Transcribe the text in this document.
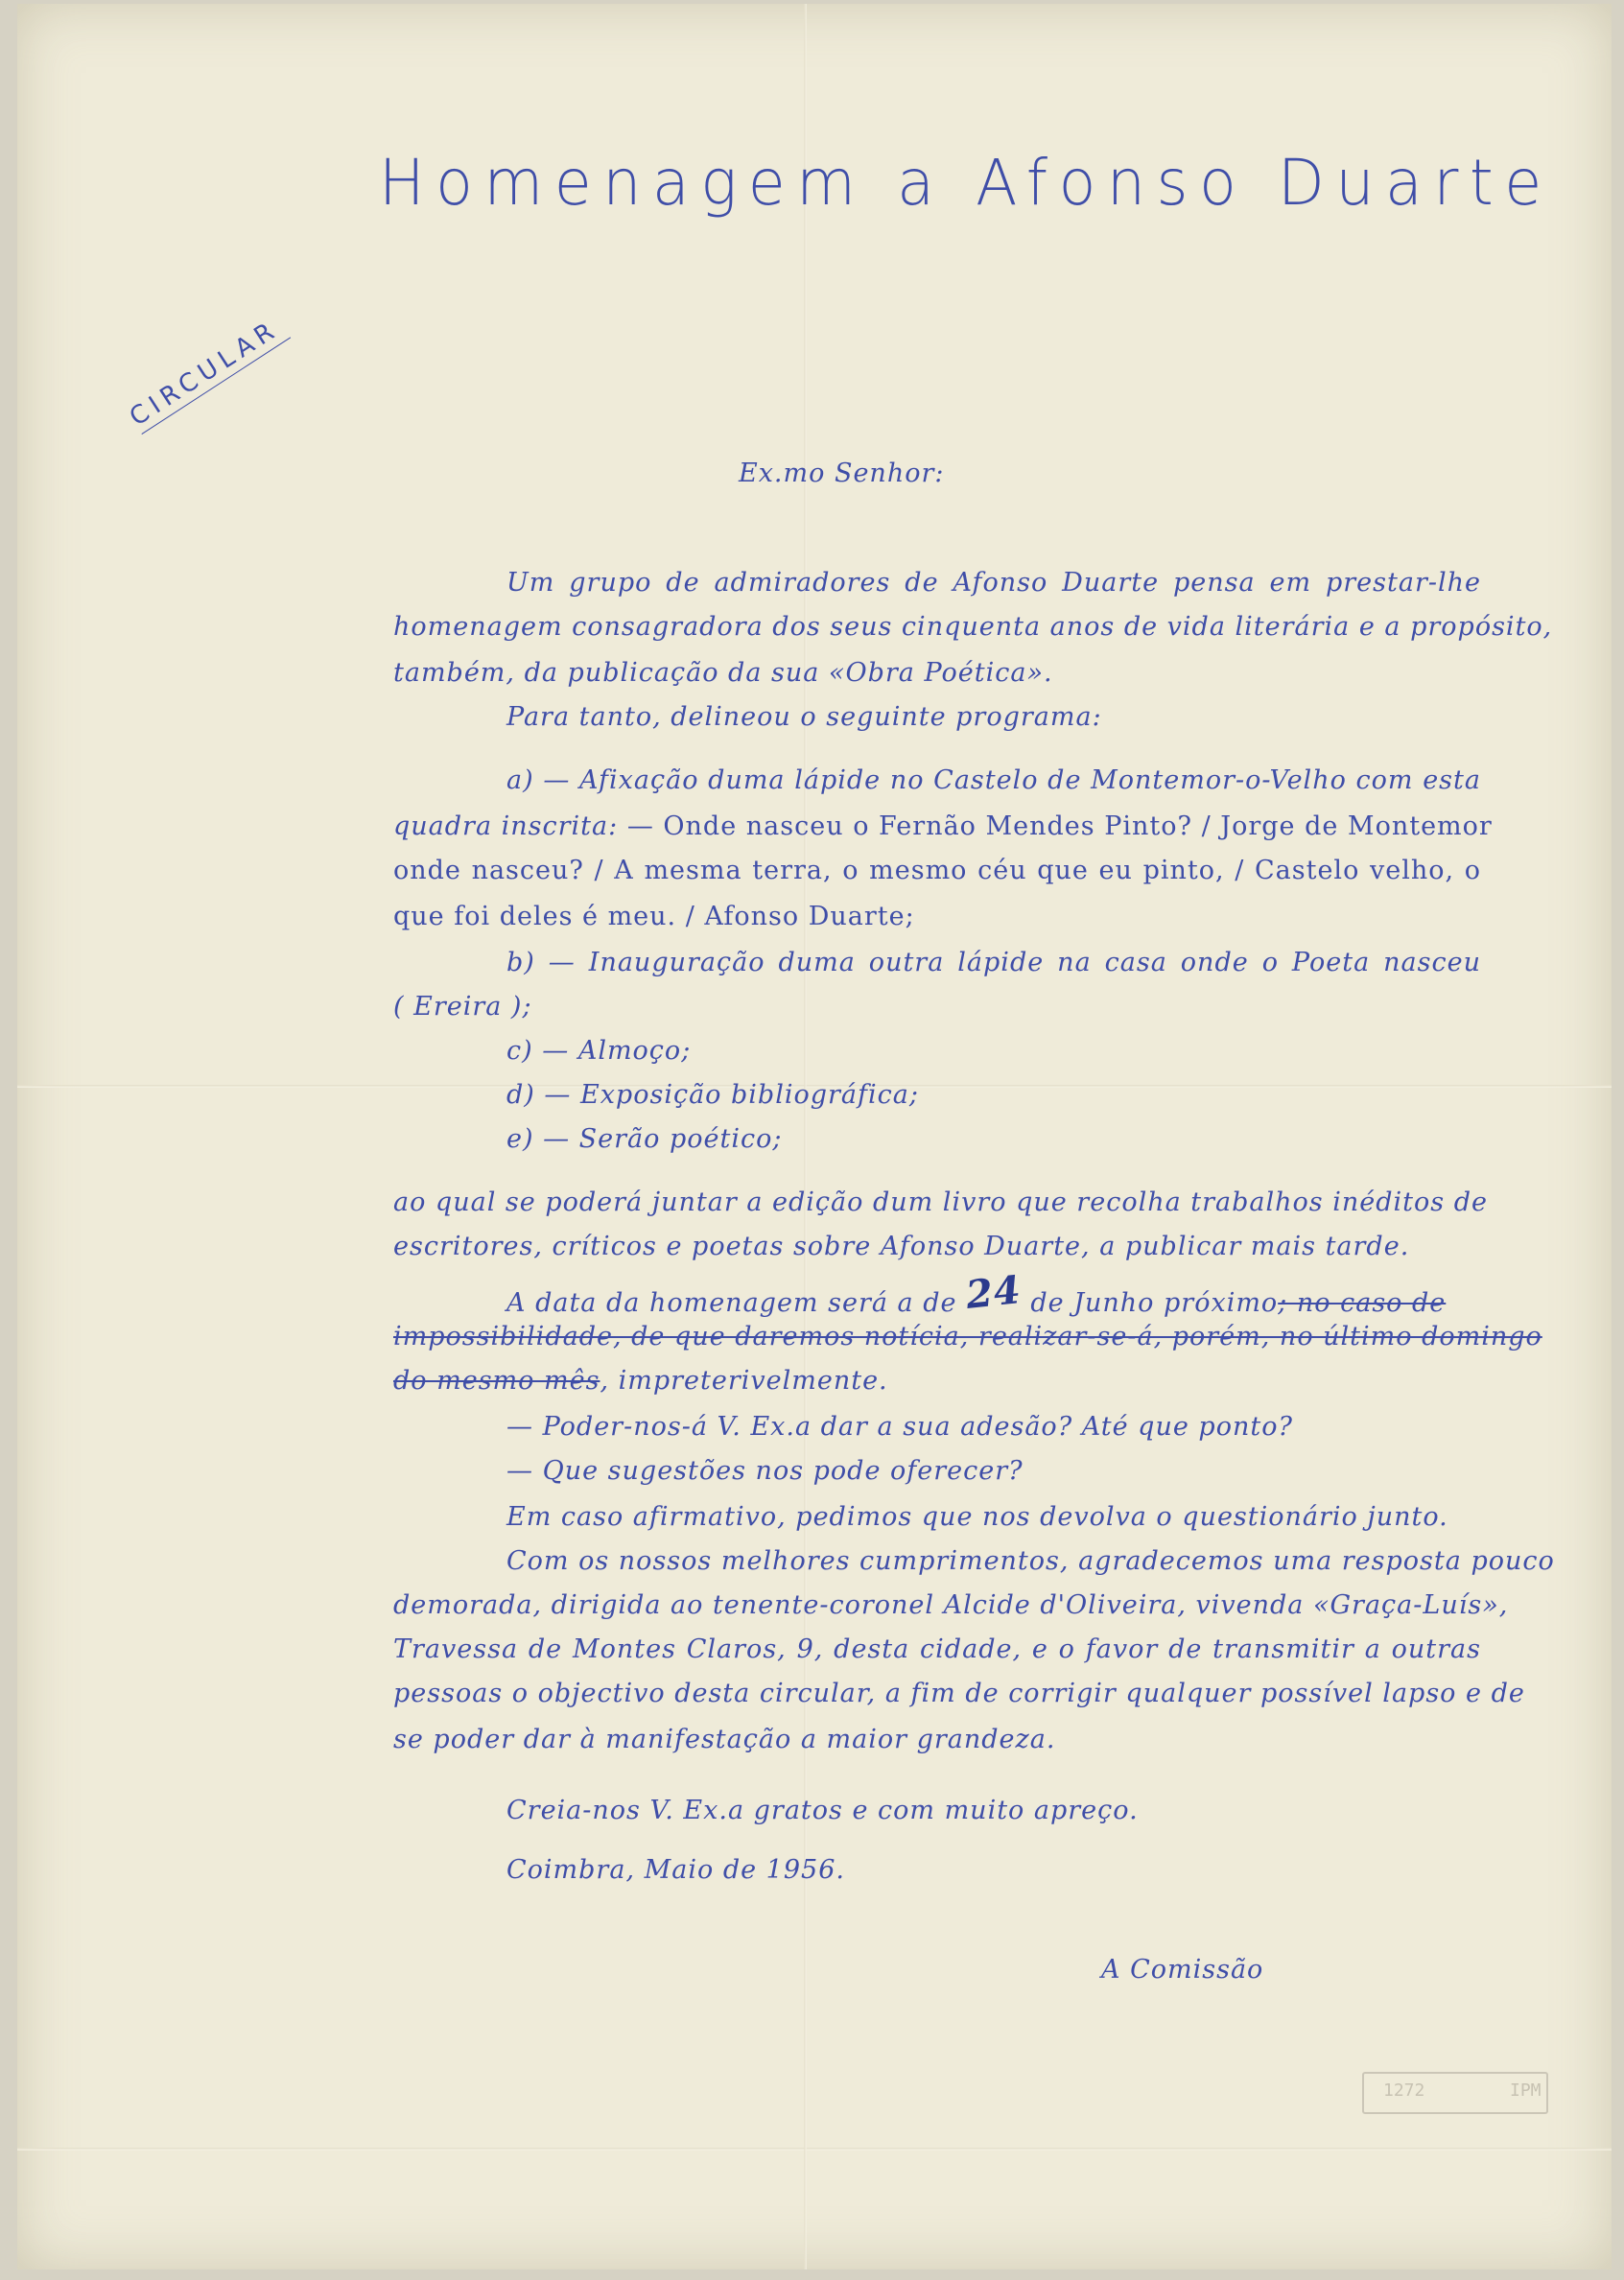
Homenagem a Afonso Duarte
CIRCULAR
Ex.mo Senhor:
Um grupo de admiradores de Afonso Duarte pensa em prestar-lhe
homenagem consagradora dos seus cinquenta anos de vida literária e a propósito,
também, da publicação da sua «Obra Poética».
Para tanto, delineou o seguinte programa:
a) — Afixação duma lápide no Castelo de Montemor-o-Velho com esta
quadra inscrita: — Onde nasceu o Fernão Mendes Pinto? / Jorge de Montemor
onde nasceu? / A mesma terra, o mesmo céu que eu pinto, / Castelo velho, o
que foi deles é meu. / Afonso Duarte;
b) — Inauguração duma outra lápide na casa onde o Poeta nasceu
( Ereira );
c) — Almoço;
d) — Exposição bibliográfica;
e) — Serão poético;
ao qual se poderá juntar a edição dum livro que recolha trabalhos inéditos de
escritores, críticos e poetas sobre Afonso Duarte, a publicar mais tarde.
A data da homenagem será a de 24 de Junho próximo; no caso de
impossibilidade, de que daremos notícia, realizar-se-á, porém, no último domingo
do mesmo mês, impreterivelmente.
— Poder-nos-á V. Ex.a dar a sua adesão? Até que ponto?
— Que sugestões nos pode oferecer?
Em caso afirmativo, pedimos que nos devolva o questionário junto.
Com os nossos melhores cumprimentos, agradecemos uma resposta pouco
demorada, dirigida ao tenente-coronel Alcide d'Oliveira, vivenda «Graça-Luís»,
Travessa de Montes Claros, 9, desta cidade, e o favor de transmitir a outras
pessoas o objectivo desta circular, a fim de corrigir qualquer possível lapso e de
se poder dar à manifestação a maior grandeza.
Creia-nos V. Ex.a gratos e com muito apreço.
Coimbra, Maio de 1956.
A Comissão
IPM
1272
